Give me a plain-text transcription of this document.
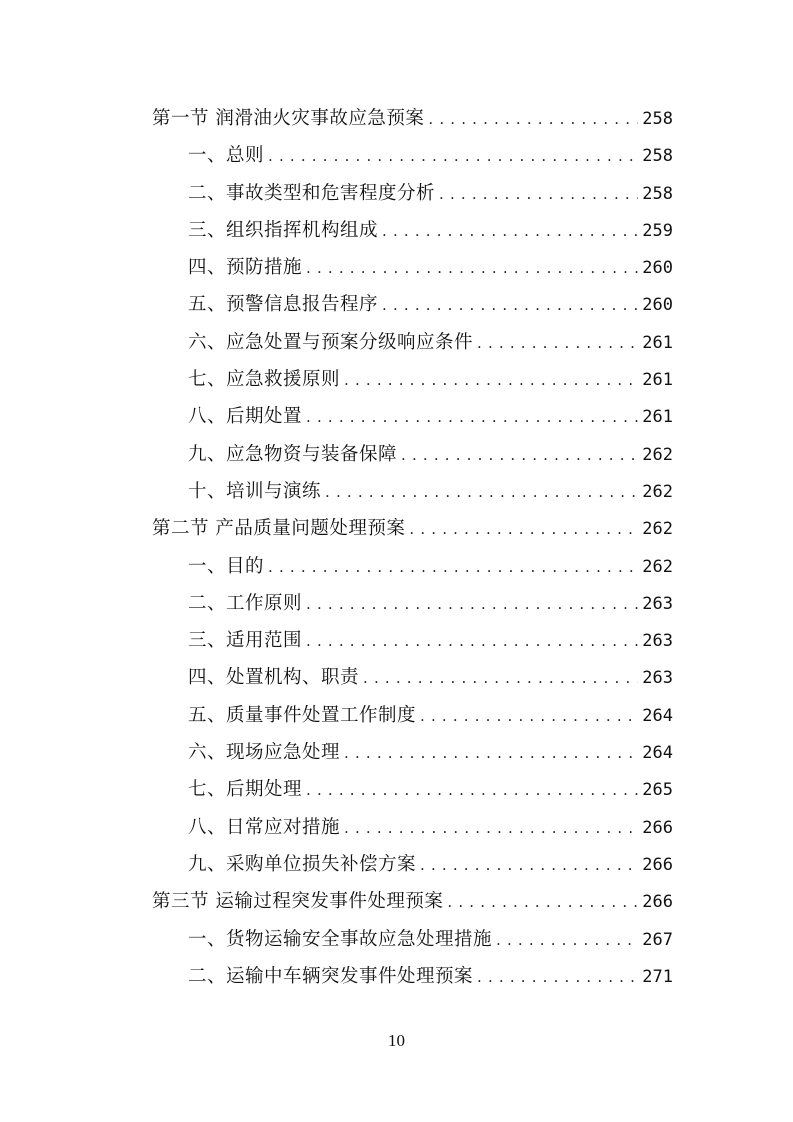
第一节 润滑油火灾事故应急预案 . . .	258
一、总则 . . .	258
二、事故类型和危害程度分析 . . .	258
三、组织指挥机构组成 . . .	259
四、预防措施 . . .	260
五、预警信息报告程序 . . .	260
六、应急处置与预案分级响应条件 . . .	261
七、应急救援原则 . . .	261
八、后期处置 . . .	261
九、应急物资与装备保障 . . .	262
十、培训与演练 . . .	262
第二节 产品质量问题处理预案 . . .	262
一、目的 . . .	262
二、工作原则 . . .	263
三、适用范围 . . .	263
四、处置机构、职责 . . .	263
五、质量事件处置工作制度 . . .	264
六、现场应急处理 . . .	264
七、后期处理 . . .	265
八、日常应对措施 . . .	266
九、采购单位损失补偿方案 . . .	266
第三节 运输过程突发事件处理预案 . . .	266
一、货物运输安全事故应急处理措施 . . .	267
二、运输中车辆突发事件处理预案 . . .	271
10
